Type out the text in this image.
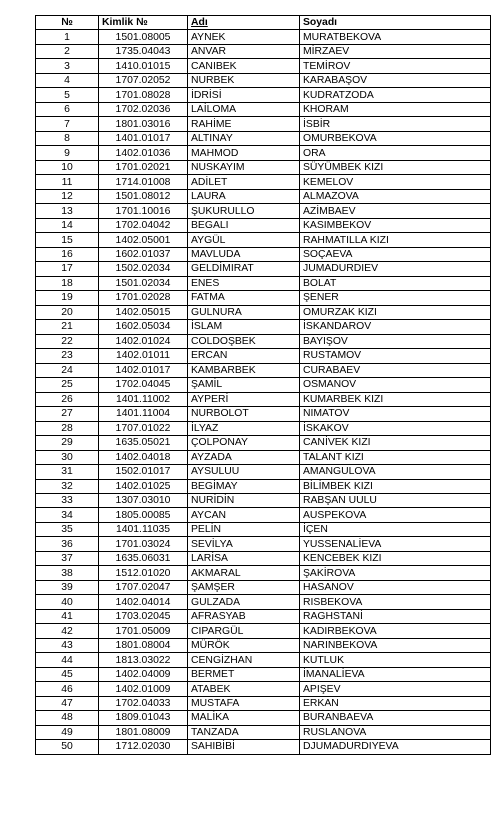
№	Kimlik №	Adı	Soyadı
1	1501.08005	AYNEK	MURATBEKOVA
2	1735.04043	ANVAR	MİRZAEV
3	1410.01015	CANIBEK	TEMİROV
4	1707.02052	NURBEK	KARABAŞOV
5	1701.08028	İDRİSİ	KUDRATZODA
6	1702.02036	LAİLOMA	KHORAM
7	1801.03016	RAHİME	İSBİR
8	1401.01017	ALTINAY	OMURBEKOVA
9	1402.01036	MAHMOD	ORA
10	1701.02021	NUSKAYIM	SÜYÜMBEK KIZI
11	1714.01008	ADİLET	KEMELOV
12	1501.08012	LAURA	ALMAZOVA
13	1701.10016	ŞUKURULLO	AZİMBAEV
14	1702.04042	BEGALI	KASIMBEKOV
15	1402.05001	AYGÜL	RAHMATILLA KIZI
16	1602.01037	MAVLUDA	SOÇAEVA
17	1502.02034	GELDİMIRAT	JUMADURDIEV
18	1501.02034	ENES	BOLAT
19	1701.02028	FATMA	ŞENER
20	1402.05015	GULNURA	OMURZAK KIZI
21	1602.05034	İSLAM	İSKANDAROV
22	1402.01024	COLDOŞBEK	BAYIŞOV
23	1402.01011	ERCAN	RUSTAMOV
24	1402.01017	KAMBARBEK	CURABAEV
25	1702.04045	ŞAMİL	OSMANOV
26	1401.11002	AYPERİ	KUMARBEK KIZI
27	1401.11004	NURBOLOT	NIMATOV
28	1707.01022	İLYAZ	İSKAKOV
29	1635.05021	ÇOLPONAY	CANİVEK KIZI
30	1402.04018	AYZADA	TALANT KIZI
31	1502.01017	AYSULUU	AMANGULOVA
32	1402.01025	BEGİMAY	BİLİMBEK KIZI
33	1307.03010	NURİDİN	RABŞAN UULU
34	1805.00085	AYCAN	AUSPEKOVA
35	1401.11035	PELİN	İÇEN
36	1701.03024	SEVİLYA	YUSSENALİEVA
37	1635.06031	LARİSA	KENCEBEK KIZI
38	1512.01020	AKMARAL	ŞAKİROVA
39	1707.02047	ŞAMŞER	HASANOV
40	1402.04014	GULZADA	RISBEKOVA
41	1703.02045	AFRASYAB	RAGHSTANİ
42	1701.05009	CIPARGÜL	KADIRBEKOVA
43	1801.08004	MÜRÖK	NARINBEKOVA
44	1813.03022	CENGİZHAN	KUTLUK
45	1402.04009	BERMET	İMANALİEVA
46	1402.01009	ATABEK	APIŞEV
47	1702.04033	MUSTAFA	ERKAN
48	1809.01043	MALİKA	BURANBAEVA
49	1801.08009	TANZADA	RUSLANOVA
50	1712.02030	SAHIBİBİ	DJUMADURDIYEVA
